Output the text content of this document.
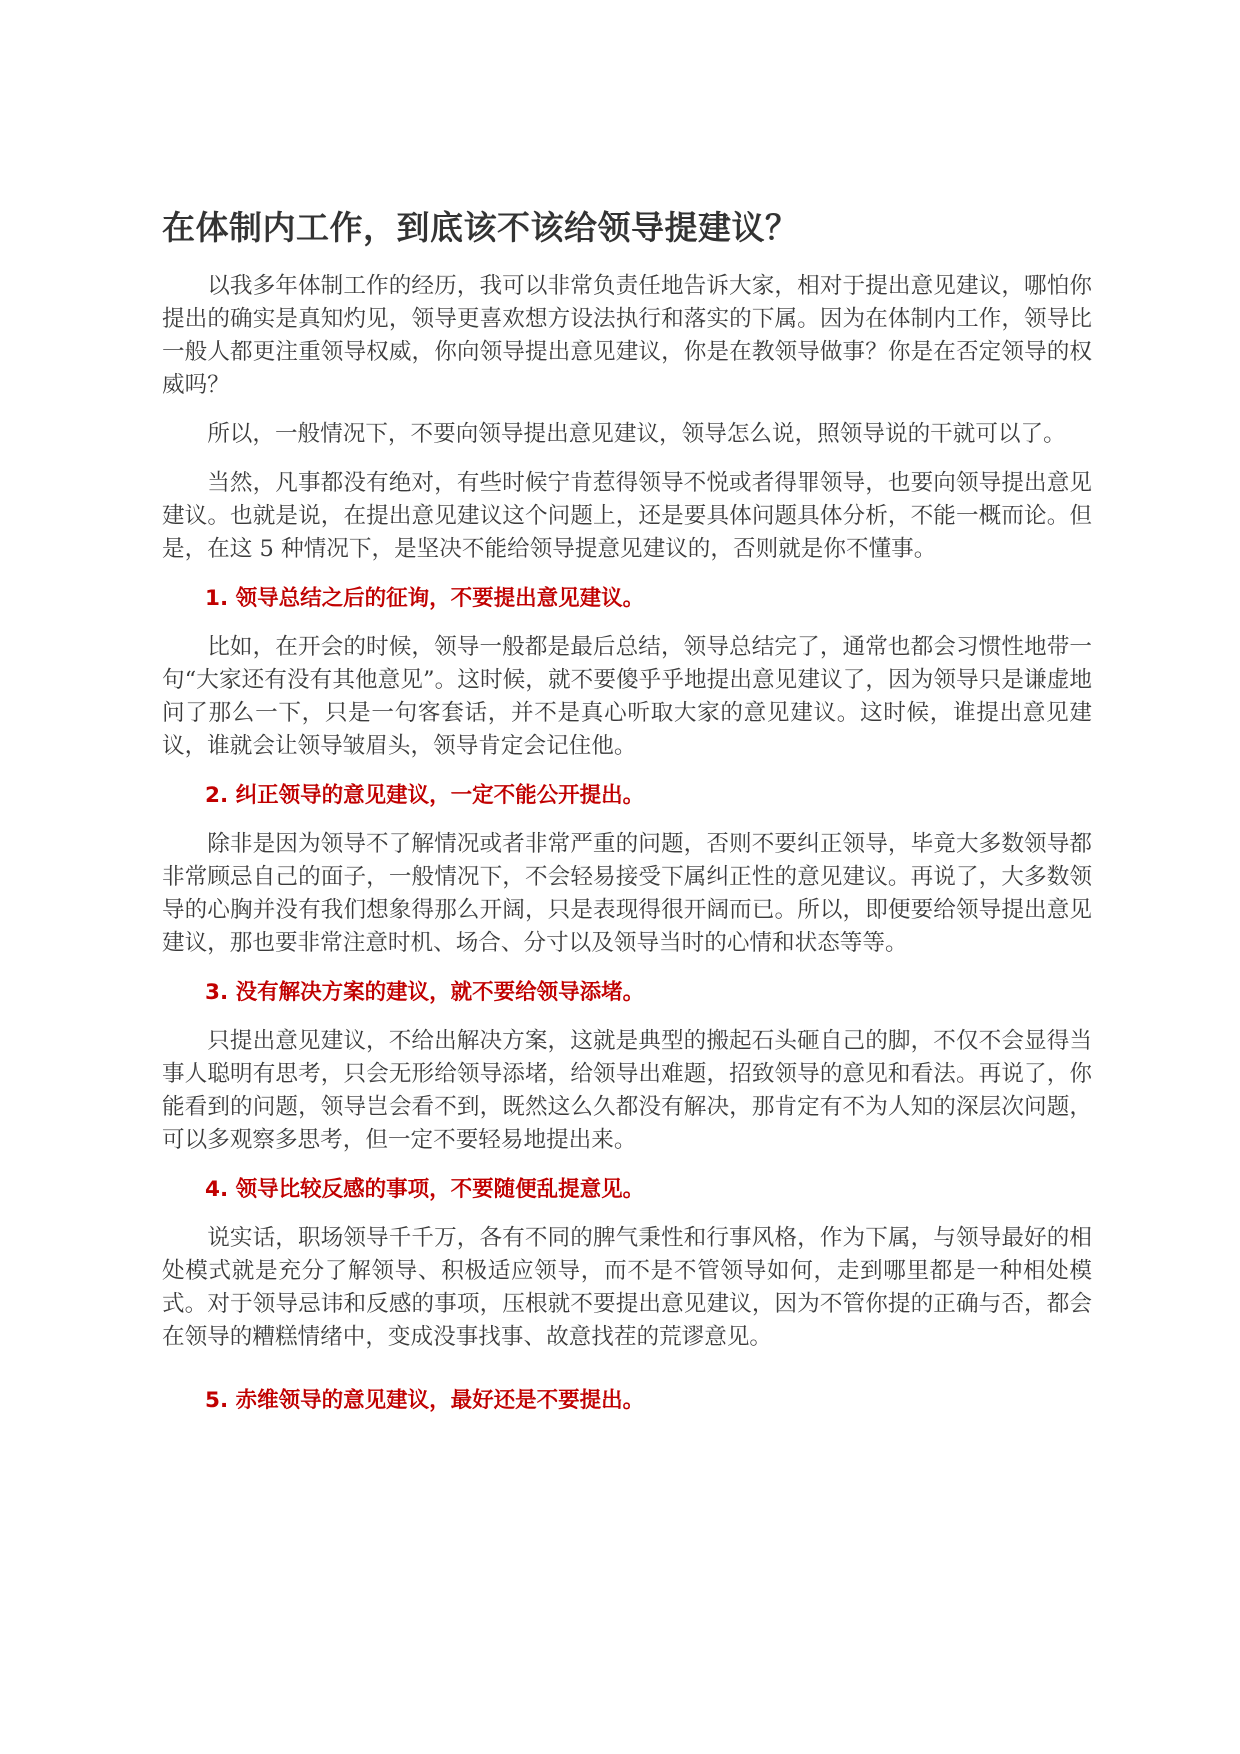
在体制内工作，到底该不该给领导提建议？

以我多年体制工作的经历，我可以非常负责任地告诉大家，相对于提出意见建议，哪怕你提出的确实是真知灼见，领导更喜欢想方设法执行和落实的下属。因为在体制内工作，领导比一般人都更注重领导权威，你向领导提出意见建议，你是在教领导做事？你是在否定领导的权威吗？

所以，一般情况下，不要向领导提出意见建议，领导怎么说，照领导说的干就可以了。

当然，凡事都没有绝对，有些时候宁肯惹得领导不悦或者得罪领导，也要向领导提出意见建议。也就是说，在提出意见建议这个问题上，还是要具体问题具体分析，不能一概而论。但是，在这 5 种情况下，是坚决不能给领导提意见建议的，否则就是你不懂事。

1. 领导总结之后的征询，不要提出意见建议。

比如，在开会的时候，领导一般都是最后总结，领导总结完了，通常也都会习惯性地带一句“大家还有没有其他意见”。这时候，就不要傻乎乎地提出意见建议了，因为领导只是谦虚地问了那么一下，只是一句客套话，并不是真心听取大家的意见建议。这时候，谁提出意见建议，谁就会让领导皱眉头，领导肯定会记住他。

2. 纠正领导的意见建议，一定不能公开提出。

除非是因为领导不了解情况或者非常严重的问题，否则不要纠正领导，毕竟大多数领导都非常顾忌自己的面子，一般情况下，不会轻易接受下属纠正性的意见建议。再说了，大多数领导的心胸并没有我们想象得那么开阔，只是表现得很开阔而已。所以，即便要给领导提出意见建议，那也要非常注意时机、场合、分寸以及领导当时的心情和状态等等。

3. 没有解决方案的建议，就不要给领导添堵。

只提出意见建议，不给出解决方案，这就是典型的搬起石头砸自己的脚，不仅不会显得当事人聪明有思考，只会无形给领导添堵，给领导出难题，招致领导的意见和看法。再说了，你能看到的问题，领导岂会看不到，既然这么久都没有解决，那肯定有不为人知的深层次问题，可以多观察多思考，但一定不要轻易地提出来。

4. 领导比较反感的事项，不要随便乱提意见。

说实话，职场领导千千万，各有不同的脾气秉性和行事风格，作为下属，与领导最好的相处模式就是充分了解领导、积极适应领导，而不是不管领导如何，走到哪里都是一种相处模式。对于领导忌讳和反感的事项，压根就不要提出意见建议，因为不管你提的正确与否，都会在领导的糟糕情绪中，变成没事找事、故意找茬的荒谬意见。

5. 赤维领导的意见建议，最好还是不要提出。
